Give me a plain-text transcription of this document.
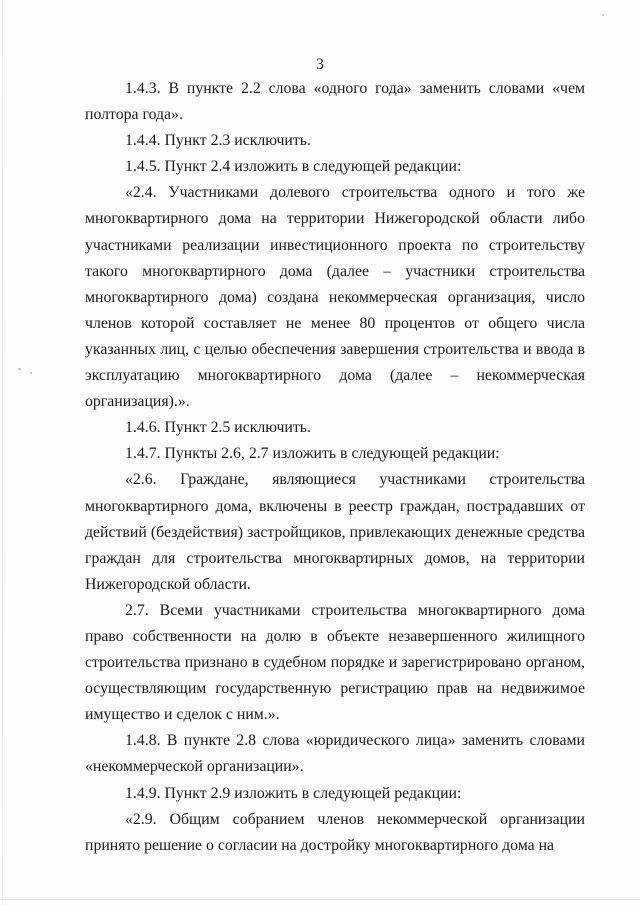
3

1.4.3. В пункте 2.2 слова «одного года» заменить словами «чем полтора года».

1.4.4. Пункт 2.3 исключить.

1.4.5. Пункт 2.4 изложить в следующей редакции:

«2.4. Участниками долевого строительства одного и того же многоквартирного дома на территории Нижегородской области либо участниками реализации инвестиционного проекта по строительству такого многоквартирного дома (далее – участники строительства многоквартирного дома) создана некоммерческая организация, число членов которой составляет не менее 80 процентов от общего числа указанных лиц, с целью обеспечения завершения строительства и ввода в эксплуатацию многоквартирного дома (далее – некоммерческая организация).».

1.4.6. Пункт 2.5 исключить.

1.4.7. Пункты 2.6, 2.7 изложить в следующей редакции:

«2.6. Граждане, являющиеся участниками строительства многоквартирного дома, включены в реестр граждан, пострадавших от действий (бездействия) застройщиков, привлекающих денежные средства граждан для строительства многоквартирных домов, на территории Нижегородской области.

2.7. Всеми участниками строительства многоквартирного дома право собственности на долю в объекте незавершенного жилищного строительства признано в судебном порядке и зарегистрировано органом, осуществляющим государственную регистрацию прав на недвижимое имущество и сделок с ним.».

1.4.8. В пункте 2.8 слова «юридического лица» заменить словами «некоммерческой организации».

1.4.9. Пункт 2.9 изложить в следующей редакции:

«2.9. Общим собранием членов некоммерческой организации принято решение о согласии на достройку многоквартирного дома на
